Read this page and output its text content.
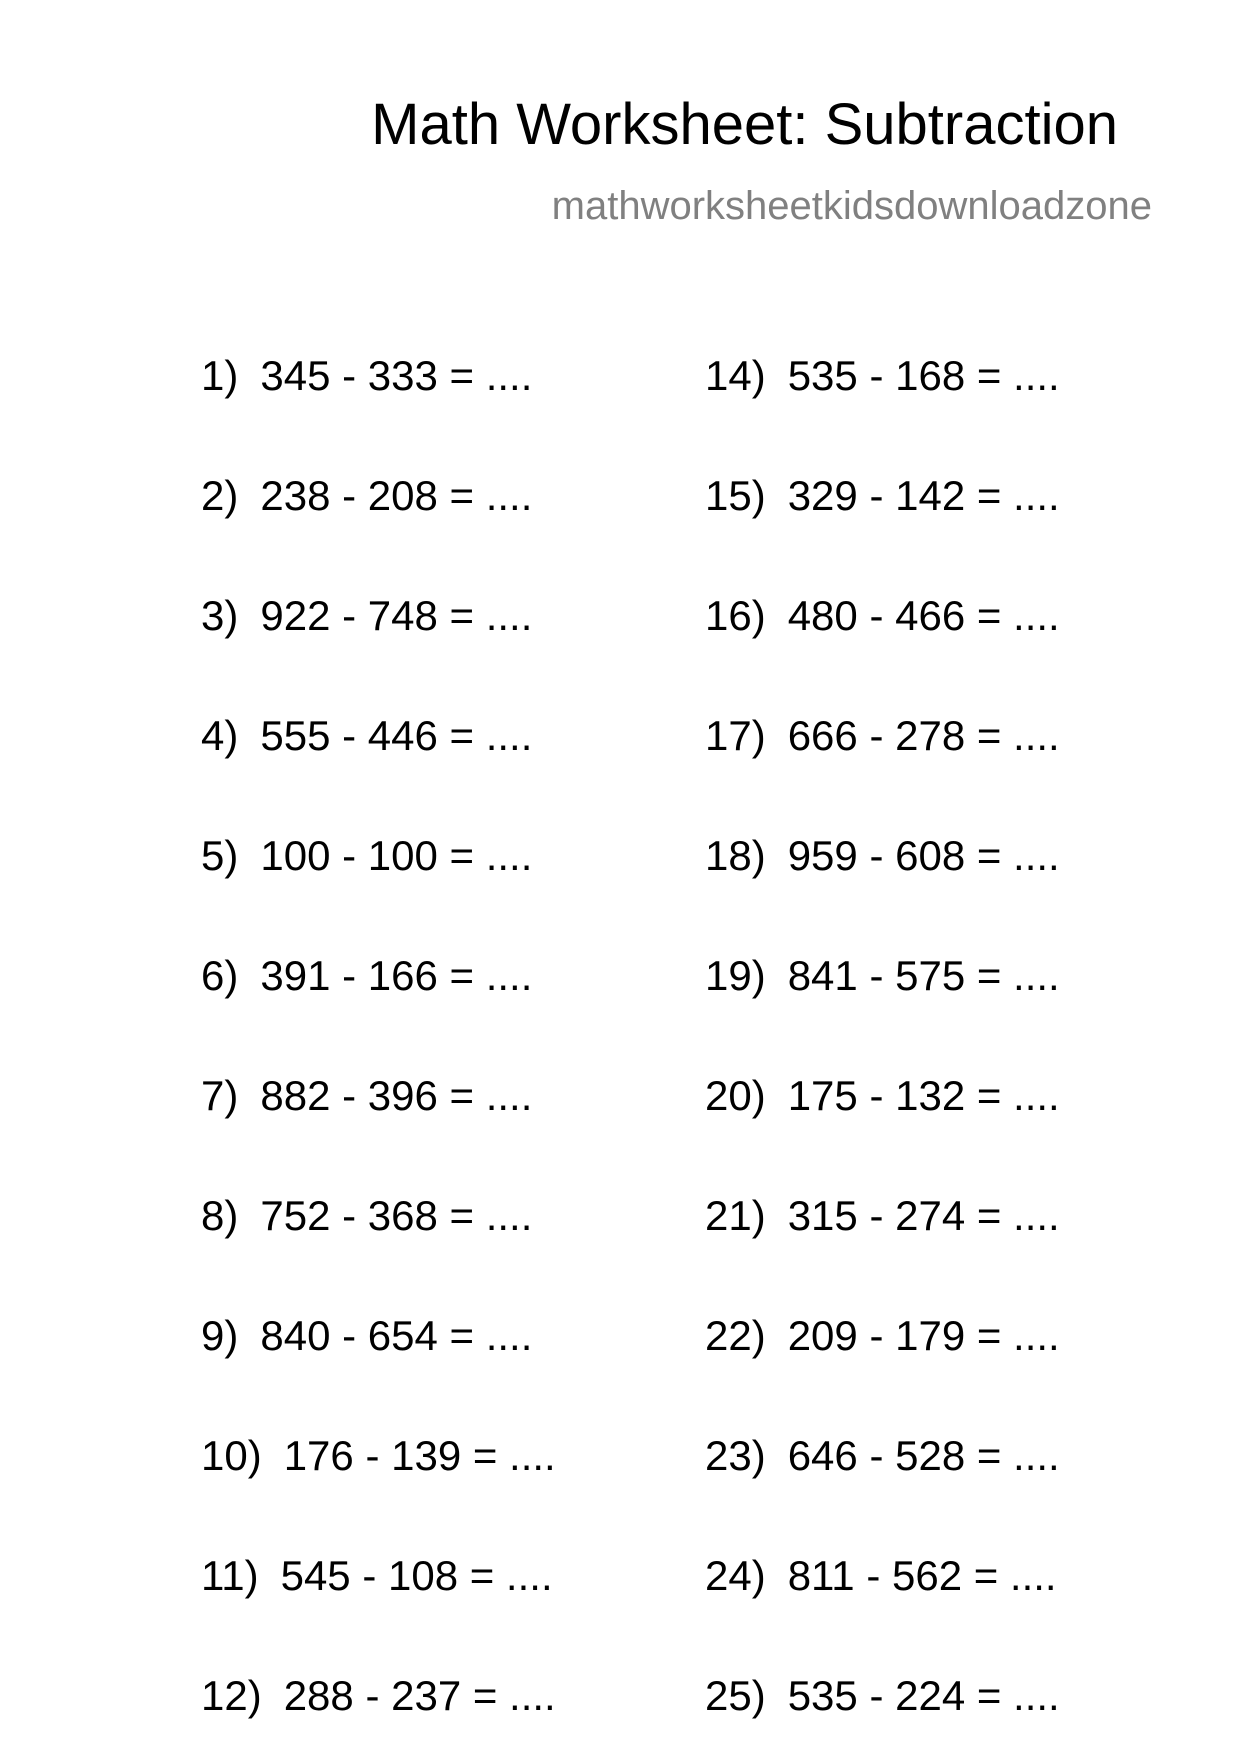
Math Worksheet: Subtraction
mathworksheetkidsdownloadzone
1) 345 - 333 = ....
2) 238 - 208 = ....
3) 922 - 748 = ....
4) 555 - 446 = ....
5) 100 - 100 = ....
6) 391 - 166 = ....
7) 882 - 396 = ....
8) 752 - 368 = ....
9) 840 - 654 = ....
10) 176 - 139 = ....
11) 545 - 108 = ....
12) 288 - 237 = ....
14) 535 - 168 = ....
15) 329 - 142 = ....
16) 480 - 466 = ....
17) 666 - 278 = ....
18) 959 - 608 = ....
19) 841 - 575 = ....
20) 175 - 132 = ....
21) 315 - 274 = ....
22) 209 - 179 = ....
23) 646 - 528 = ....
24) 811 - 562 = ....
25) 535 - 224 = ....
